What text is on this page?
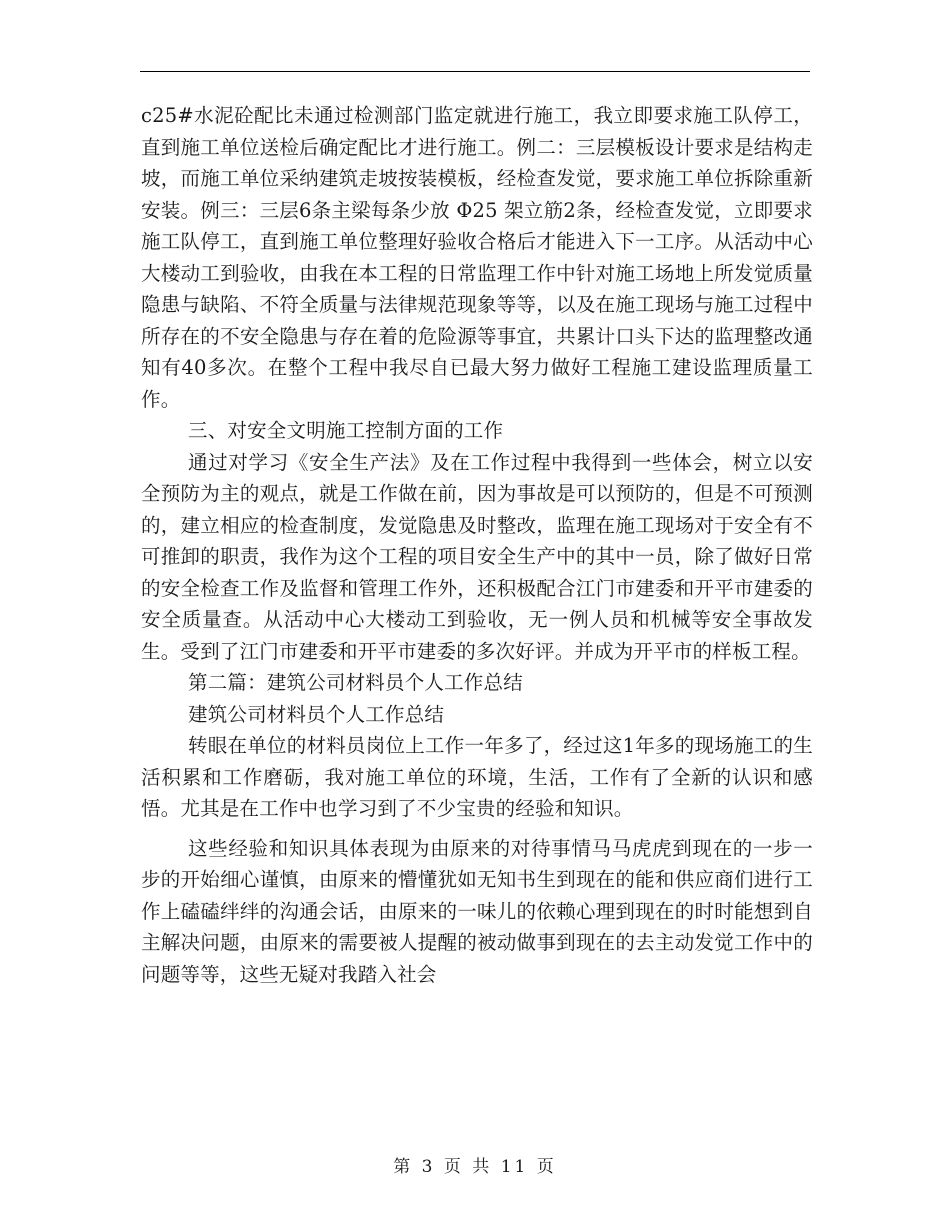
c25#水泥砼配比未通过检测部门监定就进行施工，我立即要求施工队停工，直到施工单位送检后确定配比才进行施工。例二：三层模板设计要求是结构走坡，而施工单位采纳建筑走坡按装模板，经检查发觉，要求施工单位拆除重新安装。例三：三层6条主梁每条少放 Φ25 架立筋2条，经检查发觉，立即要求施工队停工，直到施工单位整理好验收合格后才能进入下一工序。从活动中心大楼动工到验收，由我在本工程的日常监理工作中针对施工场地上所发觉质量隐患与缺陷、不符全质量与法律规范现象等等，以及在施工现场与施工过程中所存在的不安全隐患与存在着的危险源等事宜，共累计口头下达的监理整改通知有40多次。在整个工程中我尽自已最大努力做好工程施工建设监理质量工作。

三、对安全文明施工控制方面的工作

通过对学习《安全生产法》及在工作过程中我得到一些体会，树立以安全预防为主的观点，就是工作做在前，因为事故是可以预防的，但是不可预测的，建立相应的检查制度，发觉隐患及时整改，监理在施工现场对于安全有不可推卸的职责，我作为这个工程的项目安全生产中的其中一员，除了做好日常的安全检查工作及监督和管理工作外，还积极配合江门市建委和开平市建委的安全质量查。从活动中心大楼动工到验收，无一例人员和机械等安全事故发生。受到了江门市建委和开平市建委的多次好评。并成为开平市的样板工程。

第二篇：建筑公司材料员个人工作总结

建筑公司材料员个人工作总结

转眼在单位的材料员岗位上工作一年多了，经过这1年多的现场施工的生活积累和工作磨砺，我对施工单位的环境，生活，工作有了全新的认识和感悟。尤其是在工作中也学习到了不少宝贵的经验和知识。

这些经验和知识具体表现为由原来的对待事情马马虎虎到现在的一步一步的开始细心谨慎，由原来的懵懂犹如无知书生到现在的能和供应商们进行工作上磕磕绊绊的沟通会话，由原来的一味儿的依赖心理到现在的时时能想到自主解决问题，由原来的需要被人提醒的被动做事到现在的去主动发觉工作中的问题等等，这些无疑对我踏入社会

第 3 页 共 11 页
